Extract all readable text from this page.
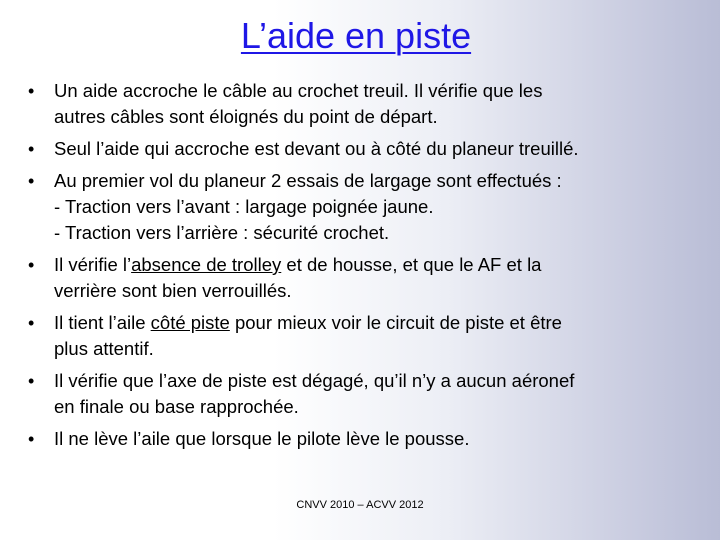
L’aide en piste
• Un aide accroche le câble au crochet treuil. Il vérifie que les
autres câbles sont éloignés du point de départ.
• Seul l’aide qui accroche est devant ou à côté du planeur treuillé.
• Au premier vol du planeur 2 essais de largage sont effectués :
- Traction vers l’avant : largage poignée jaune.
- Traction vers l’arrière : sécurité crochet.
• Il vérifie l’absence de trolley et de housse, et que le AF et la
verrière sont bien verrouillés.
• Il tient l’aile côté piste pour mieux voir le circuit de piste et être
plus attentif.
• Il vérifie que l’axe de piste est dégagé, qu’il n’y a aucun aéronef
en finale ou base rapprochée.
• Il ne lève l’aile que lorsque le pilote lève le pousse.
CNVV 2010 – ACVV 2012
